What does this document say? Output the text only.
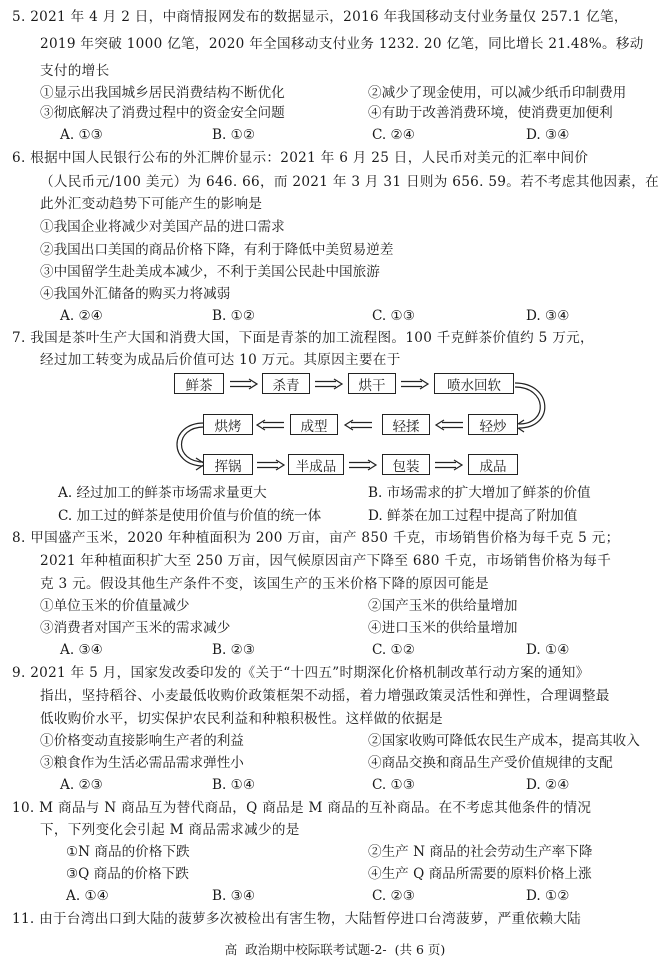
5. 2021 年 4 月 2 日，中商情报网发布的数据显示，2016 年我国移动支付业务量仅 257.1 亿笔，
2019 年突破 1000 亿笔，2020 年全国移动支付业务 1232. 20 亿笔，同比增长 21.48%。移动
支付的增长
①显示出我国城乡居民消费结构不断优化	②减少了现金使用，可以减少纸币印制费用
③彻底解决了消费过程中的资金安全问题	④有助于改善消费环境，使消费更加便利
A. ①③	B. ①②	C. ②④	D. ③④
6. 根据中国人民银行公布的外汇牌价显示：2021 年 6 月 25 日，人民币对美元的汇率中间价
（人民币元/100 美元）为 646. 66，而 2021 年 3 月 31 日则为 656. 59。若不考虑其他因素，在
此外汇变动趋势下可能产生的影响是
①我国企业将减少对美国产品的进口需求
②我国出口美国的商品价格下降，有利于降低中美贸易逆差
③中国留学生赴美成本减少，不利于美国公民赴中国旅游
④我国外汇储备的购买力将减弱
A. ②④	B. ①②	C. ①③	D. ③④
7. 我国是茶叶生产大国和消费大国，下面是青茶的加工流程图。100 千克鲜茶价值约 5 万元，
经过加工转变为成品后价值可达 10 万元。其原因主要在于
鲜茶	杀青	烘干	喷水回软
烘烤	成型	轻揉	轻炒
挥锅	半成品	包装	成品
A. 经过加工的鲜茶市场需求量更大	B. 市场需求的扩大增加了鲜茶的价值
C. 加工过的鲜茶是使用价值与价值的统一体	D. 鲜茶在加工过程中提高了附加值
8. 甲国盛产玉米，2020 年种植面积为 200 万亩，亩产 850 千克，市场销售价格为每千克 5 元；
2021 年种植面积扩大至 250 万亩，因气候原因亩产下降至 680 千克，市场销售价格为每千
克 3 元。假设其他生产条件不变，该国生产的玉米价格下降的原因可能是
①单位玉米的价值量减少	②国产玉米的供给量增加
③消费者对国产玉米的需求减少	④进口玉米的供给量增加
A. ③④	B. ②③	C. ①②	D. ①④
9. 2021 年 5 月，国家发改委印发的《关于“十四五”时期深化价格机制改革行动方案的通知》
指出，坚持稻谷、小麦最低收购价政策框架不动摇，着力增强政策灵活性和弹性，合理调整最
低收购价水平，切实保护农民利益和种粮积极性。这样做的依据是
①价格变动直接影响生产者的利益	②国家收购可降低农民生产成本，提高其收入
③粮食作为生活必需品需求弹性小	④商品交换和商品生产受价值规律的支配
A. ②③	B. ①④	C. ①③	D. ②④
10. M 商品与 N 商品互为替代商品，Q 商品是 M 商品的互补商品。在不考虑其他条件的情况
下，下列变化会引起 M 商品需求减少的是
①N 商品的价格下跌	②生产 N 商品的社会劳动生产率下降
③Q 商品的价格下跌	④生产 Q 商品所需要的原料价格上涨
A. ①④	B. ③④	C. ②③	D. ①②
11. 由于台湾出口到大陆的菠萝多次被检出有害生物，大陆暂停进口台湾菠萝，严重依赖大陆
高 政治期中校际联考试题-2- (共 6 页)
